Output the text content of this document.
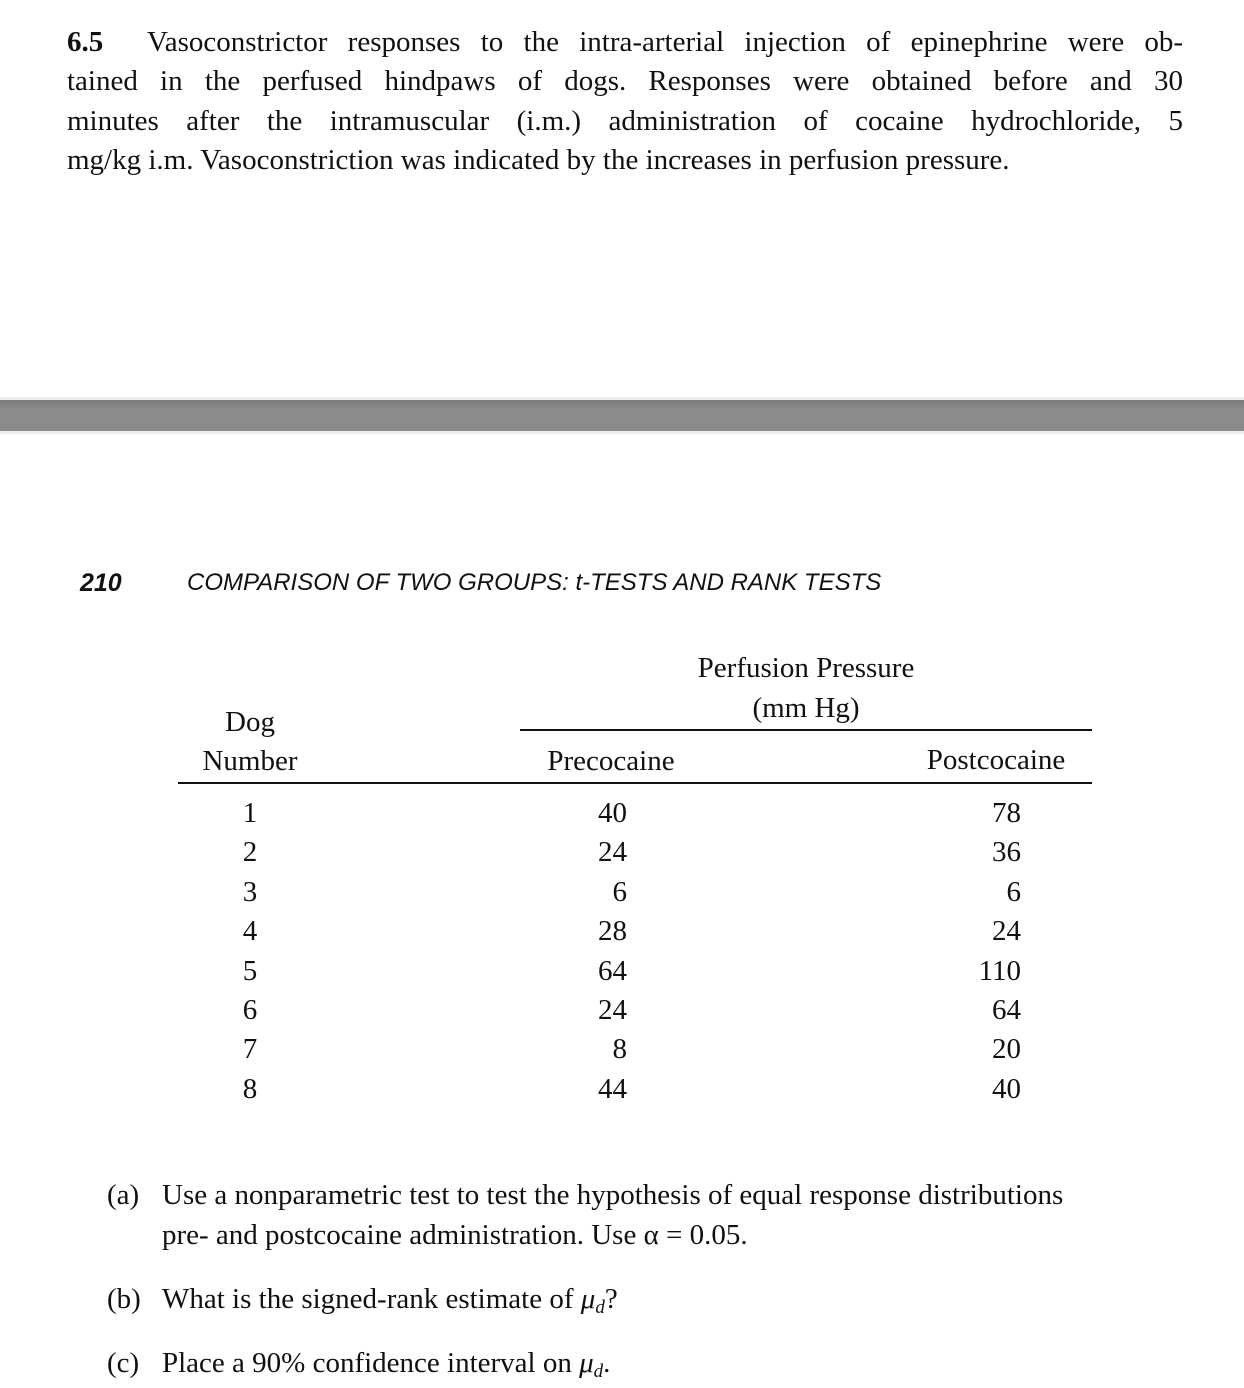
6.5 Vasoconstrictor responses to the intra-arterial injection of epinephrine were ob-
tained in the perfused hindpaws of dogs. Responses were obtained before and 30
minutes after the intramuscular (i.m.) administration of cocaine hydrochloride, 5
mg/kg i.m. Vasoconstriction was indicated by the increases in perfusion pressure.
210	COMPARISON OF TWO GROUPS: t-TESTS AND RANK TESTS
Perfusion Pressure
(mm Hg)
Dog
Number	Precocaine	Postcocaine
1	40	78
2	24	36
3	6	6
4	28	24
5	64	110
6	24	64
7	8	20
8	44	40
(a) Use a nonparametric test to test the hypothesis of equal response distributions
pre- and postcocaine administration. Use α = 0.05.
(b) What is the signed-rank estimate of $\mu_d$?
(c) Place a 90% confidence interval on $\mu_d$.
